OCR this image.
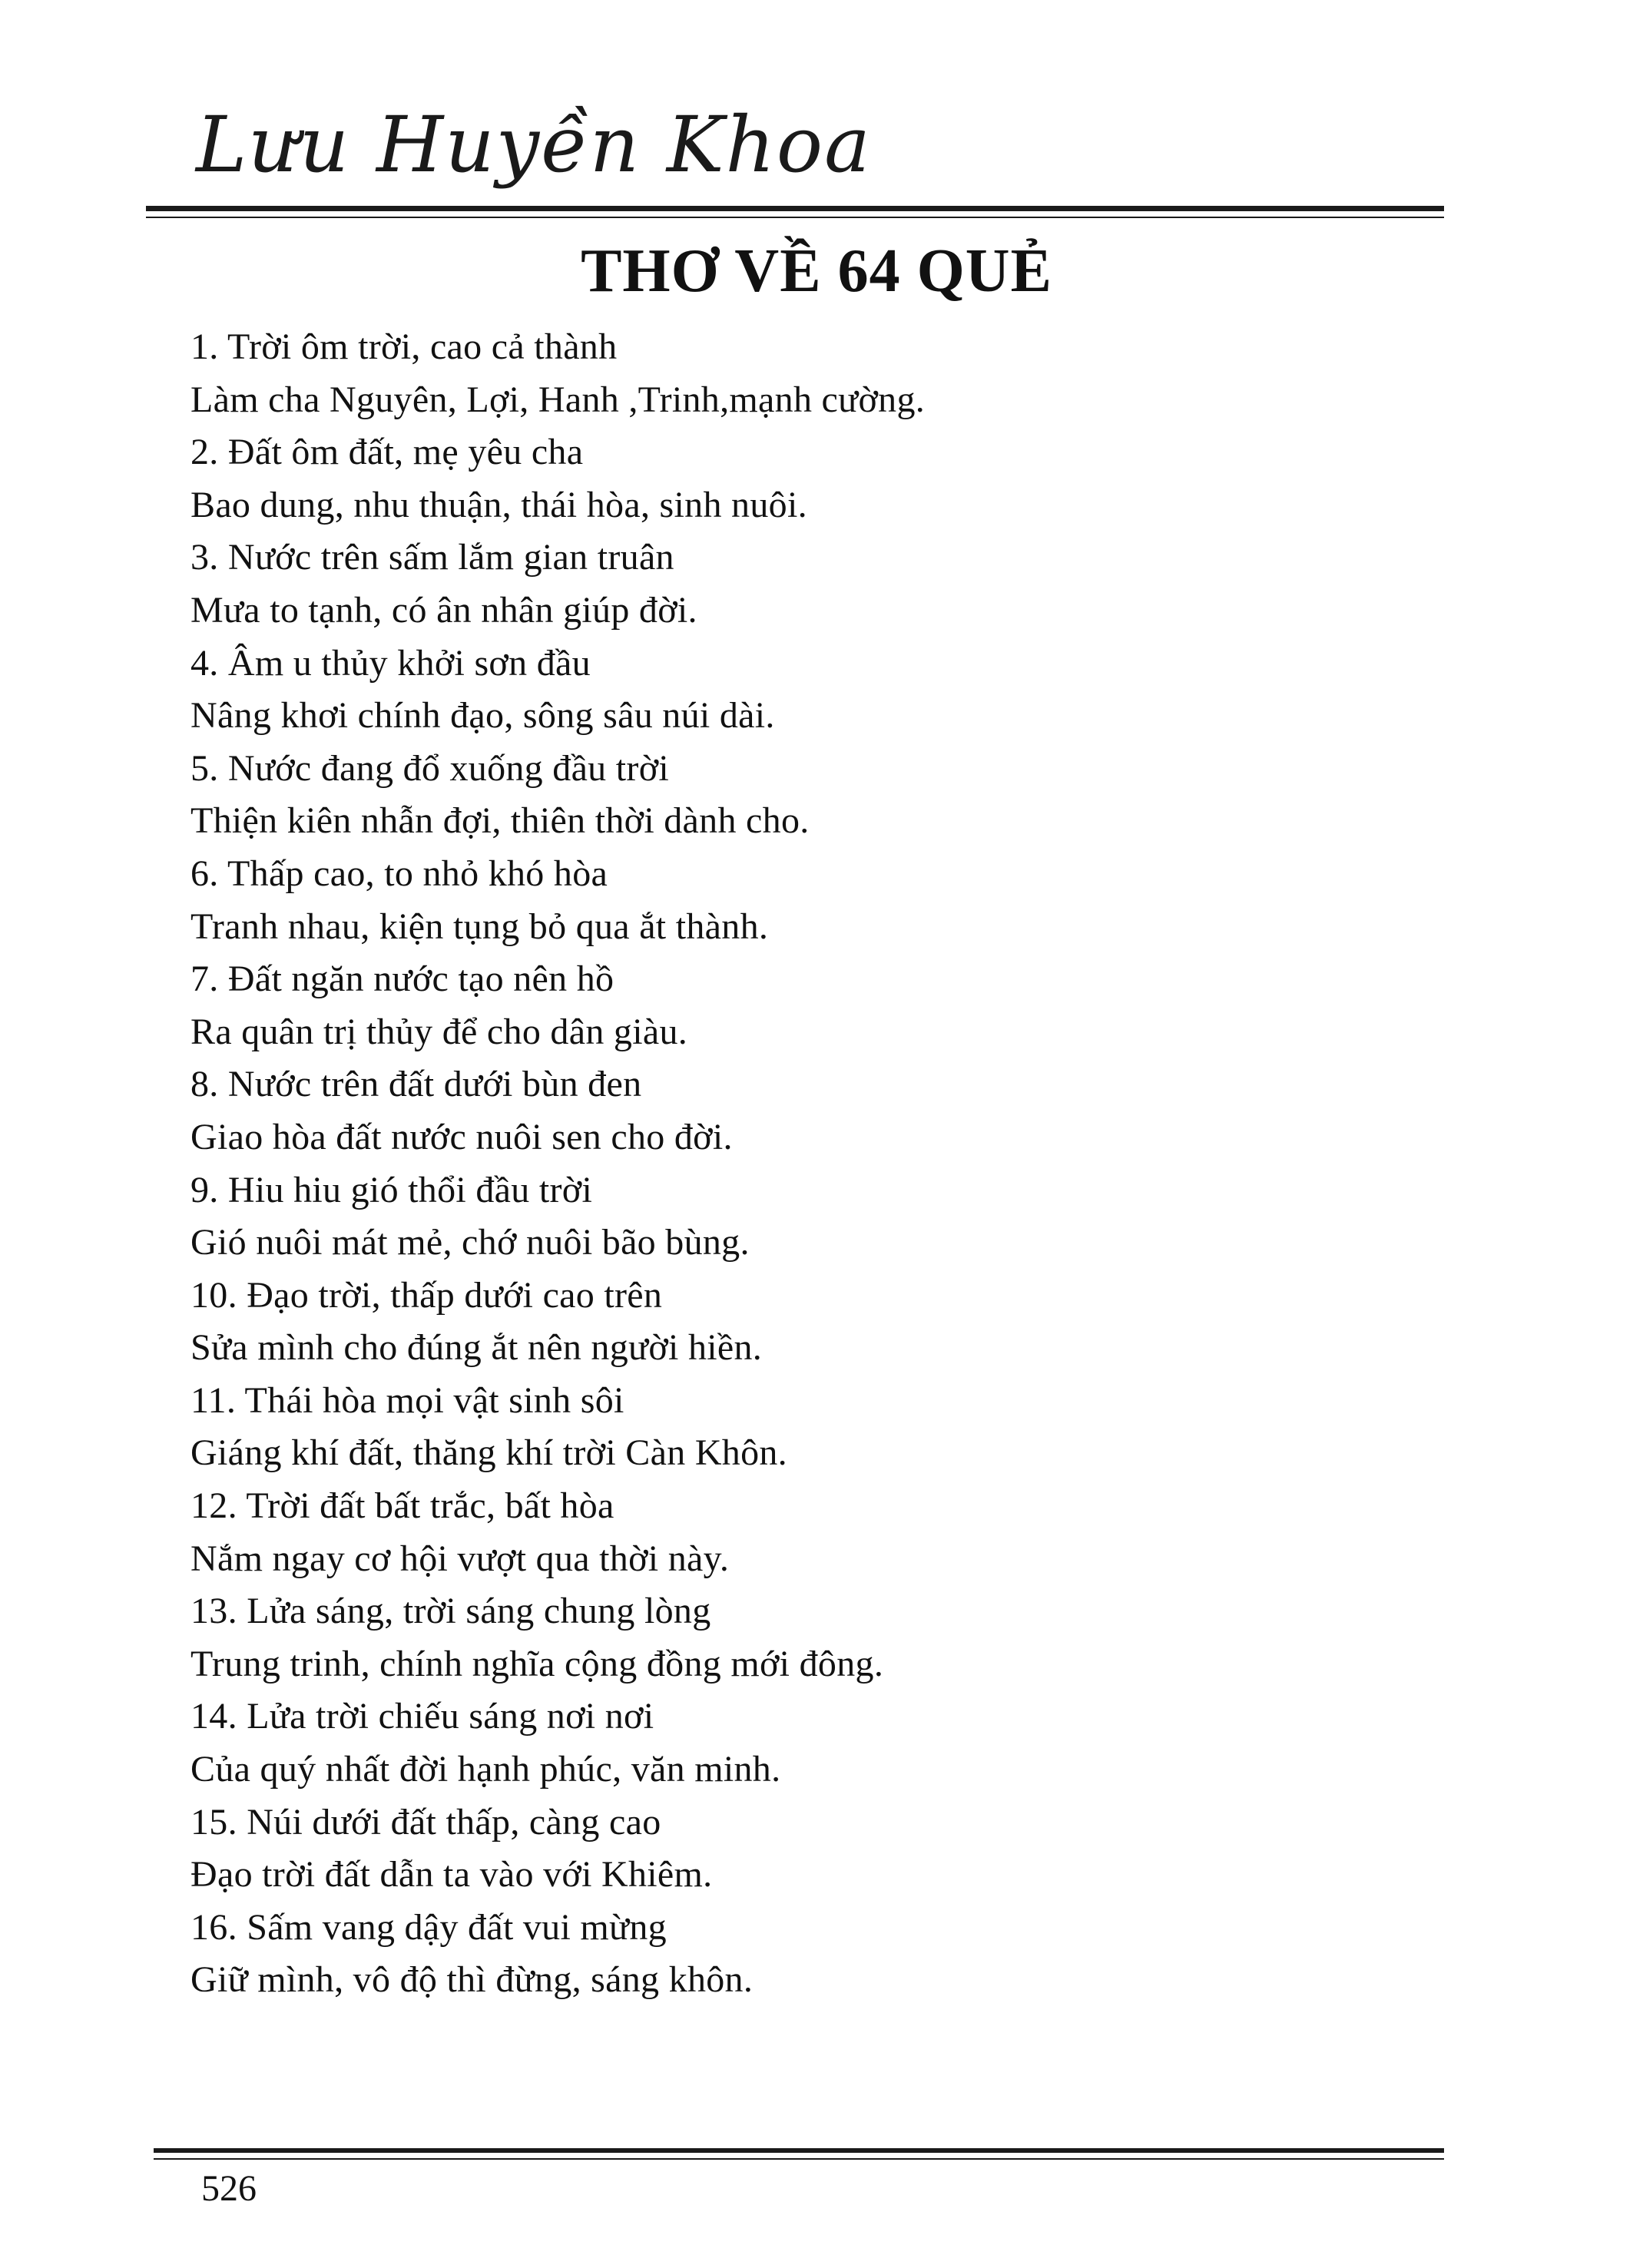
Lưu Huyền Khoa
THƠ VỀ 64 QUẺ
1. Trời ôm trời, cao cả thành
Làm cha Nguyên, Lợi, Hanh ,Trinh,mạnh cường.
2. Đất ôm đất, mẹ yêu cha
Bao dung, nhu thuận, thái hòa, sinh nuôi.
3. Nước trên sấm lắm gian truân
Mưa to tạnh, có ân nhân giúp đời.
4. Âm u thủy khởi sơn đầu
Nâng khơi chính đạo, sông sâu núi dài.
5. Nước đang đổ xuống đầu trời
Thiện kiên nhẫn đợi, thiên thời dành cho.
6. Thấp cao, to nhỏ khó hòa
Tranh nhau, kiện tụng bỏ qua ắt thành.
7. Đất ngăn nước tạo nên hồ
Ra quân trị thủy để cho dân giàu.
8. Nước trên đất dưới bùn đen
Giao hòa đất nước nuôi sen cho đời.
9. Hiu hiu gió thổi đầu trời
Gió nuôi mát mẻ, chớ nuôi bão bùng.
10. Đạo trời, thấp dưới cao trên
Sửa mình cho đúng ắt nên người hiền.
11. Thái hòa mọi vật sinh sôi
Giáng khí đất, thăng khí trời Càn Khôn.
12. Trời đất bất trắc, bất hòa
Nắm ngay cơ hội vượt qua thời này.
13. Lửa sáng, trời sáng chung lòng
Trung trinh, chính nghĩa cộng đồng mới đông.
14. Lửa trời chiếu sáng nơi nơi
Của quý nhất đời hạnh phúc, văn minh.
15. Núi dưới đất thấp, càng cao
Đạo trời đất dẫn ta vào với Khiêm.
16. Sấm vang dậy đất vui mừng
Giữ mình, vô độ thì đừng, sáng khôn.
526
